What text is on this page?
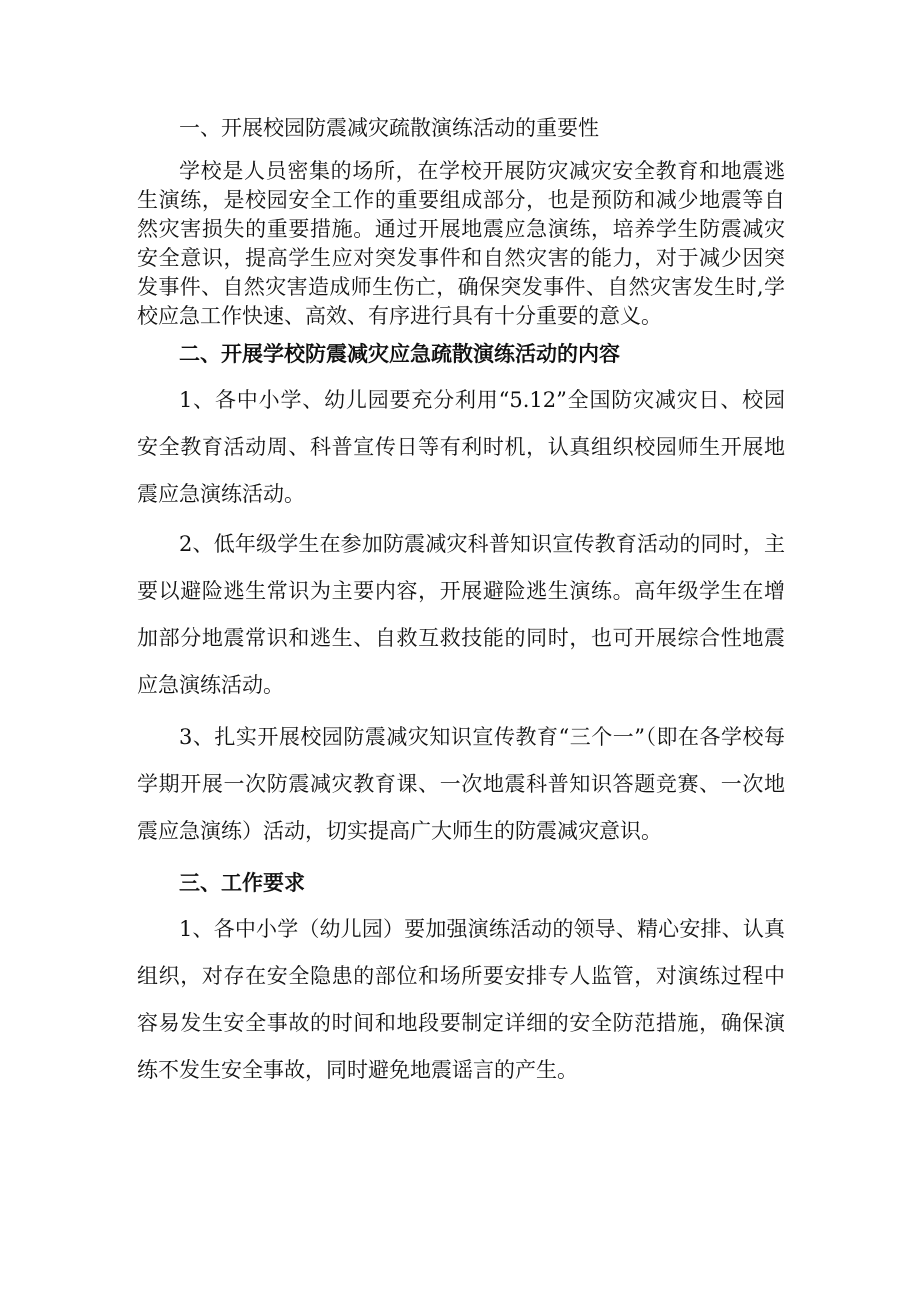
一、开展校园防震减灾疏散演练活动的重要性

学校是人员密集的场所，在学校开展防灾减灾安全教育和地震逃生演练，是校园安全工作的重要组成部分，也是预防和减少地震等自然灾害损失的重要措施。通过开展地震应急演练，培养学生防震减灾安全意识，提高学生应对突发事件和自然灾害的能力，对于减少因突发事件、自然灾害造成师生伤亡，确保突发事件、自然灾害发生时,学校应急工作快速、高效、有序进行具有十分重要的意义。

二、开展学校防震减灾应急疏散演练活动的内容

1、各中小学、幼儿园要充分利用“5.12”全国防灾减灾日、校园安全教育活动周、科普宣传日等有利时机，认真组织校园师生开展地震应急演练活动。

2、低年级学生在参加防震减灾科普知识宣传教育活动的同时，主要以避险逃生常识为主要内容，开展避险逃生演练。高年级学生在增加部分地震常识和逃生、自救互救技能的同时，也可开展综合性地震应急演练活动。

3、扎实开展校园防震减灾知识宣传教育“三个一”（即在各学校每学期开展一次防震减灾教育课、一次地震科普知识答题竞赛、一次地震应急演练）活动，切实提高广大师生的防震减灾意识。

三、工作要求

1、各中小学（幼儿园）要加强演练活动的领导、精心安排、认真组织，对存在安全隐患的部位和场所要安排专人监管，对演练过程中容易发生安全事故的时间和地段要制定详细的安全防范措施，确保演练不发生安全事故，同时避免地震谣言的产生。
